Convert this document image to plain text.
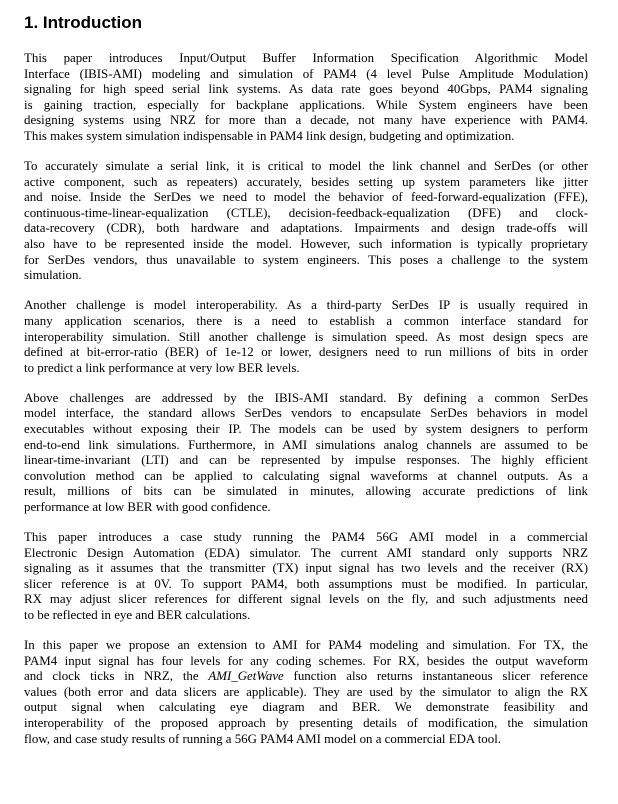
1. Introduction

This paper introduces Input/Output Buffer Information Specification Algorithmic Model
Interface (IBIS-AMI) modeling and simulation of PAM4 (4 level Pulse Amplitude Modulation)
signaling for high speed serial link systems. As data rate goes beyond 40Gbps, PAM4 signaling
is gaining traction, especially for backplane applications. While System engineers have been
designing systems using NRZ for more than a decade, not many have experience with PAM4.
This makes system simulation indispensable in PAM4 link design, budgeting and optimization.

To accurately simulate a serial link, it is critical to model the link channel and SerDes (or other
active component, such as repeaters) accurately, besides setting up system parameters like jitter
and noise. Inside the SerDes we need to model the behavior of feed-forward-equalization (FFE),
continuous-time-linear-equalization (CTLE), decision-feedback-equalization (DFE) and clock-
data-recovery (CDR), both hardware and adaptations. Impairments and design trade-offs will
also have to be represented inside the model. However, such information is typically proprietary
for SerDes vendors, thus unavailable to system engineers. This poses a challenge to the system
simulation.

Another challenge is model interoperability. As a third-party SerDes IP is usually required in
many application scenarios, there is a need to establish a common interface standard for
interoperability simulation. Still another challenge is simulation speed. As most design specs are
defined at bit-error-ratio (BER) of 1e-12 or lower, designers need to run millions of bits in order
to predict a link performance at very low BER levels.

Above challenges are addressed by the IBIS-AMI standard. By defining a common SerDes
model interface, the standard allows SerDes vendors to encapsulate SerDes behaviors in model
executables without exposing their IP. The models can be used by system designers to perform
end-to-end link simulations. Furthermore, in AMI simulations analog channels are assumed to be
linear-time-invariant (LTI) and can be represented by impulse responses. The highly efficient
convolution method can be applied to calculating signal waveforms at channel outputs. As a
result, millions of bits can be simulated in minutes, allowing accurate predictions of link
performance at low BER with good confidence.

This paper introduces a case study running the PAM4 56G AMI model in a commercial
Electronic Design Automation (EDA) simulator. The current AMI standard only supports NRZ
signaling as it assumes that the transmitter (TX) input signal has two levels and the receiver (RX)
slicer reference is at 0V. To support PAM4, both assumptions must be modified. In particular,
RX may adjust slicer references for different signal levels on the fly, and such adjustments need
to be reflected in eye and BER calculations.

In this paper we propose an extension to AMI for PAM4 modeling and simulation. For TX, the
PAM4 input signal has four levels for any coding schemes. For RX, besides the output waveform
and clock ticks in NRZ, the AMI_GetWave function also returns instantaneous slicer reference
values (both error and data slicers are applicable). They are used by the simulator to align the RX
output signal when calculating eye diagram and BER. We demonstrate feasibility and
interoperability of the proposed approach by presenting details of modification, the simulation
flow, and case study results of running a 56G PAM4 AMI model on a commercial EDA tool.
